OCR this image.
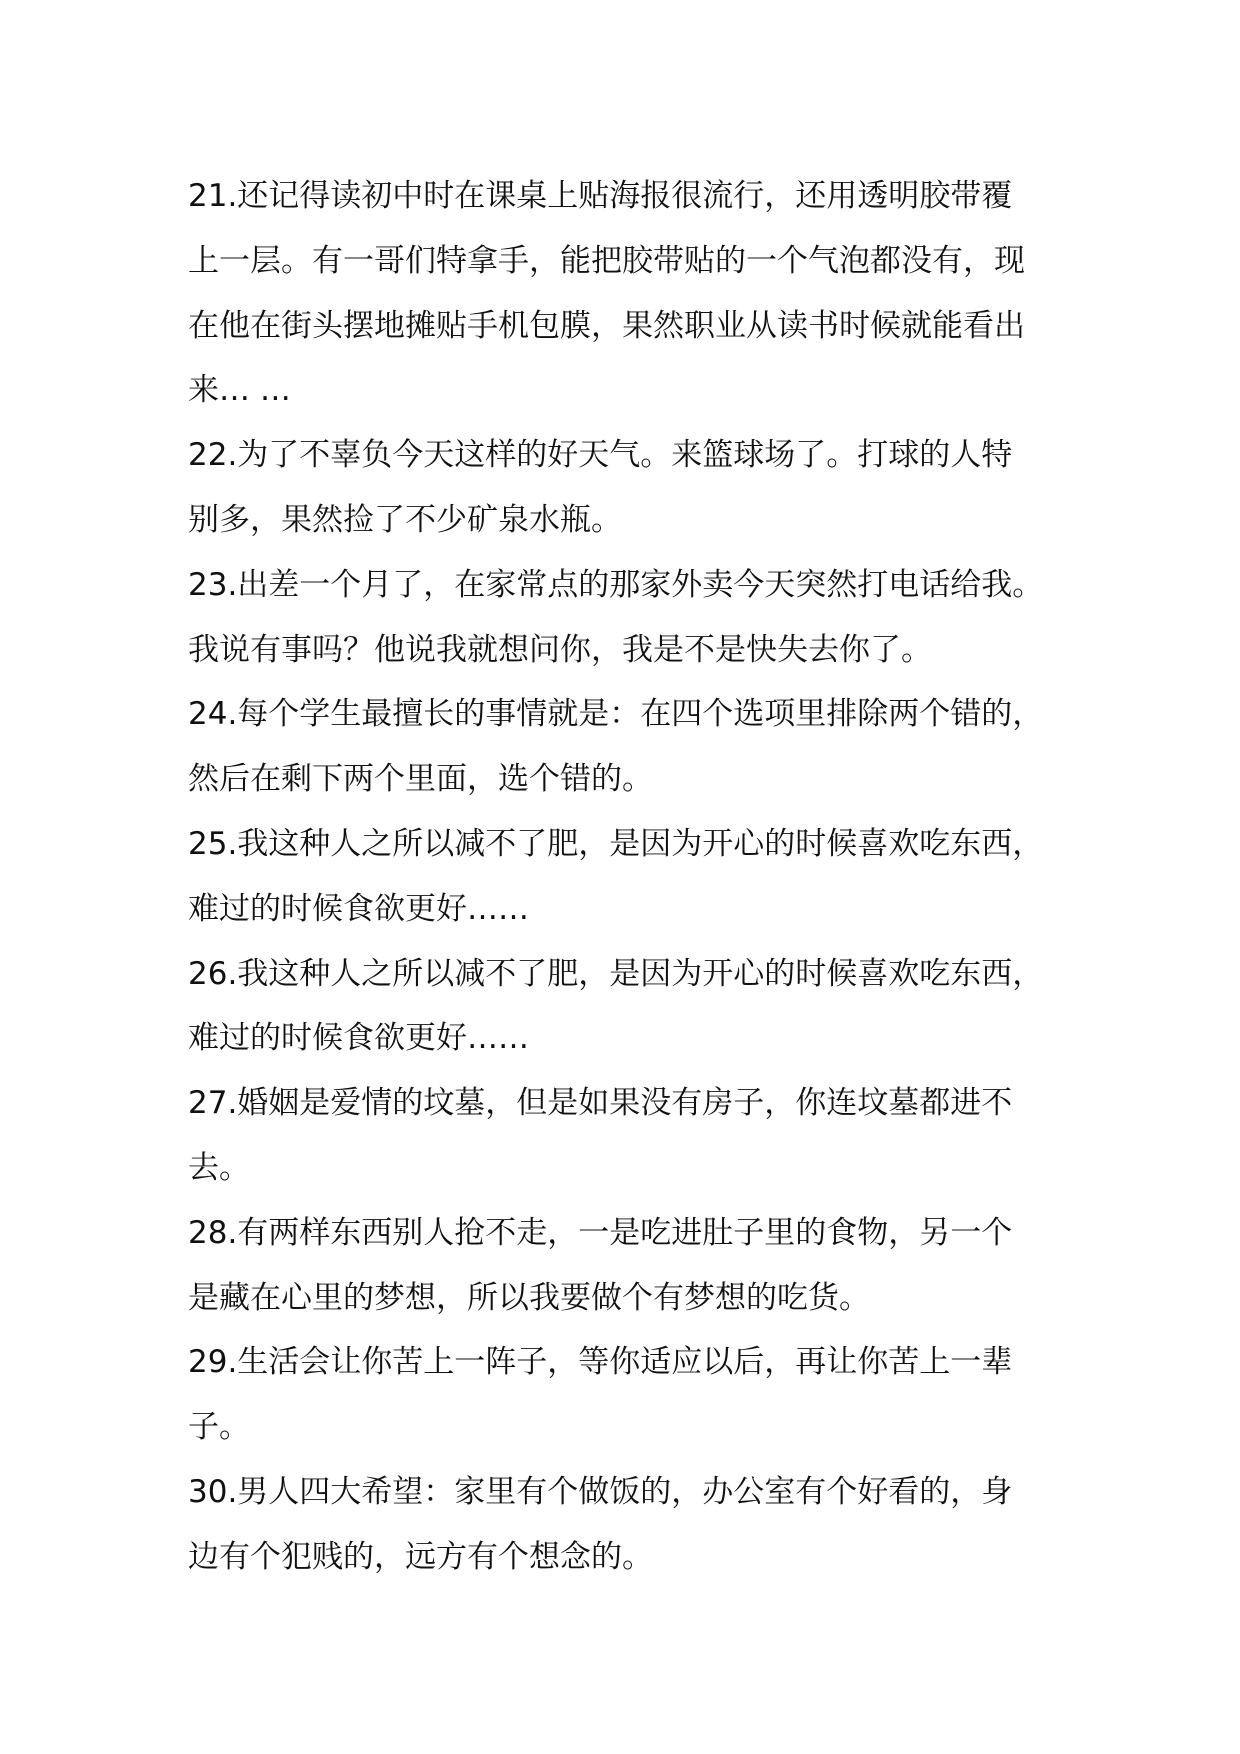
21.还记得读初中时在课桌上贴海报很流行，还用透明胶带覆
上一层。有一哥们特拿手，能把胶带贴的一个气泡都没有，现
在他在街头摆地摊贴手机包膜，果然职业从读书时候就能看出
来… …
22.为了不辜负今天这样的好天气。来篮球场了。打球的人特
别多，果然捡了不少矿泉水瓶。
23.出差一个月了，在家常点的那家外卖今天突然打电话给我。
我说有事吗？他说我就想问你，我是不是快失去你了。
24.每个学生最擅长的事情就是：在四个选项里排除两个错的，
然后在剩下两个里面，选个错的。
25.我这种人之所以减不了肥，是因为开心的时候喜欢吃东西，
难过的时候食欲更好……
26.我这种人之所以减不了肥，是因为开心的时候喜欢吃东西，
难过的时候食欲更好……
27.婚姻是爱情的坟墓，但是如果没有房子，你连坟墓都进不
去。
28.有两样东西别人抢不走，一是吃进肚子里的食物，另一个
是藏在心里的梦想，所以我要做个有梦想的吃货。
29.生活会让你苦上一阵子，等你适应以后，再让你苦上一辈
子。
30.男人四大希望：家里有个做饭的，办公室有个好看的，身
边有个犯贱的，远方有个想念的。
